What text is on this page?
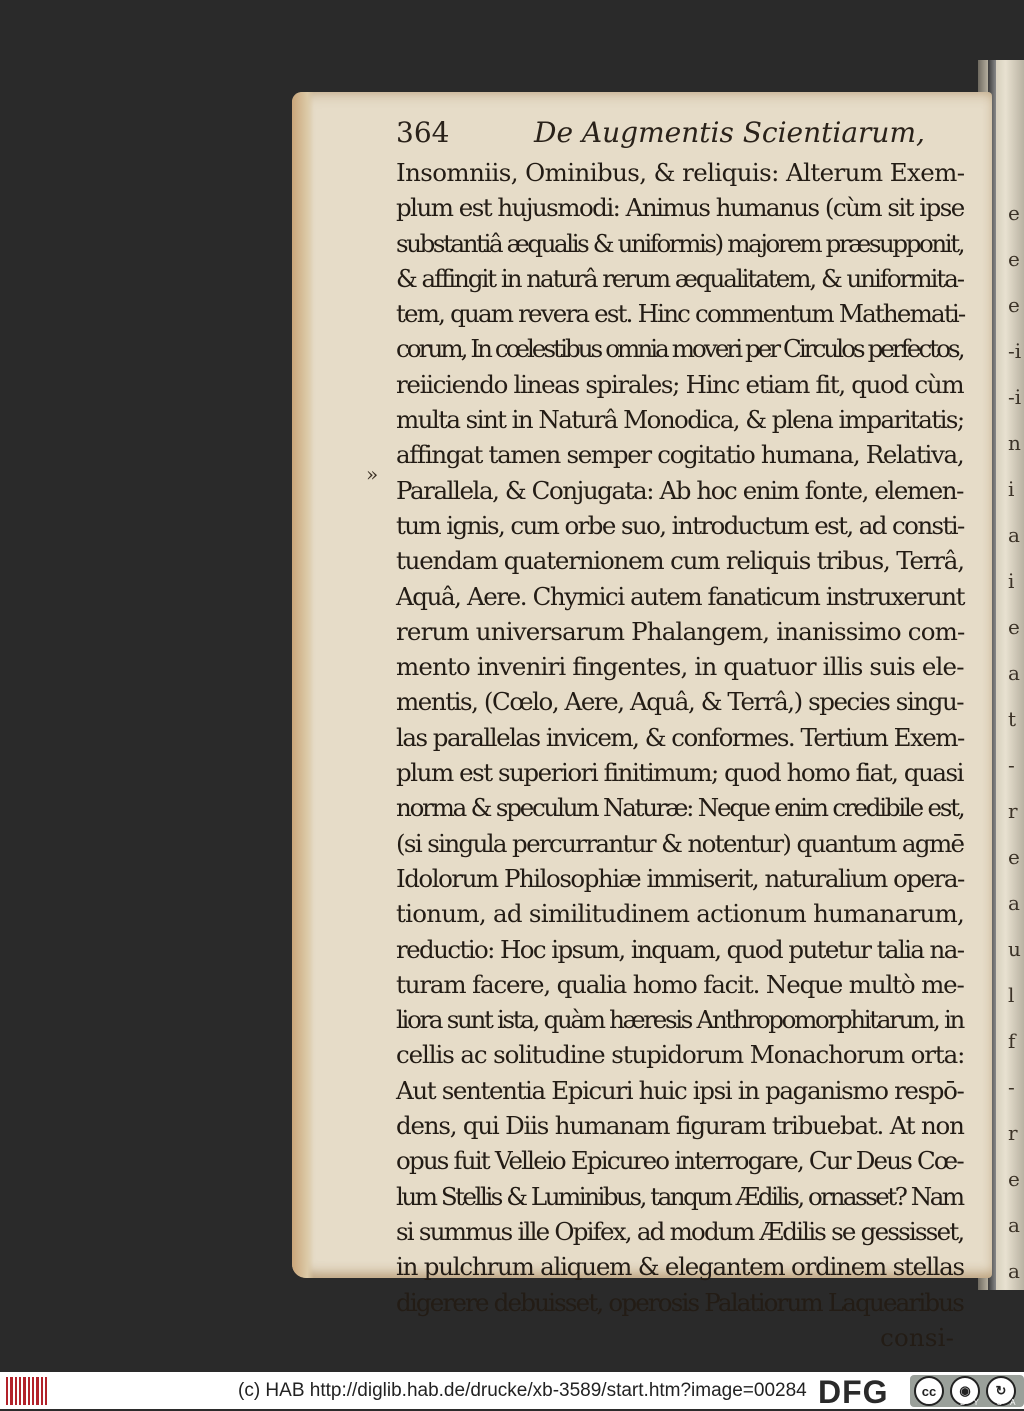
e
e
e
-i
-i
n
i
a
i
e
a
t
-r
e
a
u
l
f
-r
e
a
a
364	De Augmentis Scientiarum,
»
Insomniis, Ominibus, & reliquis: Alterum Exem-
plum est hujusmodi: Animus humanus (cùm sit ipse
substantiâ æqualis & uniformis) majorem præsupponit,
& affingit in naturâ rerum æqualitatem, & uniformita-
tem, quam revera est. Hinc commentum Mathemati-
corum, In cœlestibus omnia moveri per Circulos perfectos,
reiiciendo lineas spirales; Hinc etiam fit, quod cùm
multa sint in Naturâ Monodica, & plena imparitatis;
affingat tamen semper cogitatio humana, Relativa,
Parallela, & Conjugata: Ab hoc enim fonte, elemen-
tum ignis, cum orbe suo, introductum est, ad consti-
tuendam quaternionem cum reliquis tribus, Terrâ,
Aquâ, Aere. Chymici autem fanaticum instruxerunt
rerum universarum Phalangem, inanissimo com-
mento inveniri fingentes, in quatuor illis suis ele-
mentis, (Cœlo, Aere, Aquâ, & Terrâ,) species singu-
las parallelas invicem, & conformes. Tertium Exem-
plum est superiori finitimum; quod homo fiat, quasi
norma & speculum Naturæ: Neque enim credibile est,
(si singula percurrantur & notentur) quantum agmē
Idolorum Philosophiæ immiserit, naturalium opera-
tionum, ad similitudinem actionum humanarum,
reductio: Hoc ipsum, inquam, quod putetur talia na-
turam facere, qualia homo facit. Neque multò me-
liora sunt ista, quàm hæresis Anthropomorphitarum, in
cellis ac solitudine stupidorum Monachorum orta:
Aut sententia Epicuri huic ipsi in paganismo respō-
dens, qui Diis humanam figuram tribuebat. At non
opus fuit Velleio Epicureo interrogare, Cur Deus Cœ-
lum Stellis & Luminibus, tanqum Ædilis, ornasset? Nam
si summus ille Opifex, ad modum Ædilis se gessisset,
in pulchrum aliquem & elegantem ordinem stellas
digerere debuisset, operosis Palatiorum Laquearibus
consi-
(c) HAB http://diglib.hab.de/drucke/xb-3589/start.htm?image=00284 DFG	cc	◉	↻
BY SA
